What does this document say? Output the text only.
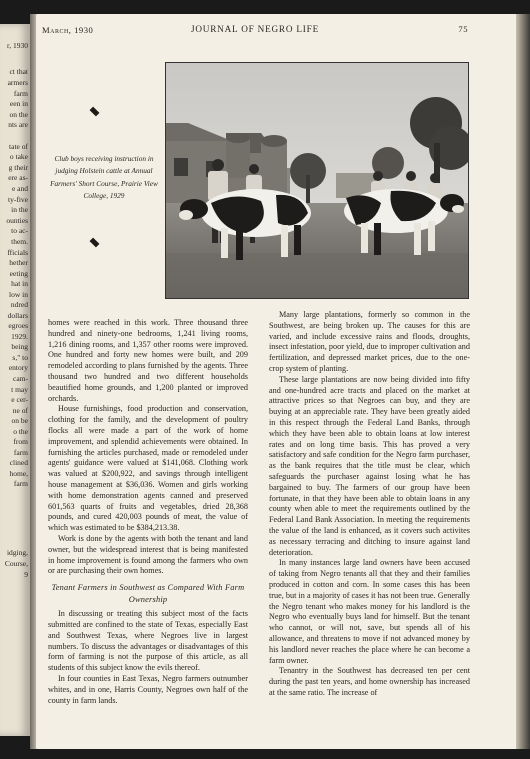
r, 1930
ct that
armers
farm
een in
on the
nts are
tate of
o take
g their
ere as-
e and
ty-five
in the
ounties
to ac-
them.
fficials
hether
eeting
hat in
low in
ndred
dollars
egroes
1929.
being
s," to
entory
cam-
t may
e cer-
ne of
on be
o the
from
farm
clined
home,
farm
idging,
Course,
9
March, 1930	JOURNAL OF NEGRO LIFE	75
Club boys receiving instruction in judging Holstein cattle at Annual Farmers' Short Course, Prairie View College, 1929

homes were reached in this work. Three thousand three hundred and ninety-one bedrooms, 1,241 living rooms, 1,216 dining rooms, and 1,357 other rooms were improved. One hundred and forty new homes were built, and 209 remodeled according to plans furnished by the agents. Three thousand two hundred and two different households beautified home grounds, and 1,200 planted or improved orchards.

House furnishings, food production and conservation, clothing for the family, and the development of poultry flocks all were made a part of the work of home improvement, and splendid achievements were obtained. In furnishing the articles purchased, made or remodeled under agents' guidance were valued at $141,068. Clothing work was valued at $200,922, and savings through intelligent house management at $36,036. Women and girls working with home demonstration agents canned and preserved 601,563 quarts of fruits and vegetables, dried 28,368 pounds, and cured 420,003 pounds of meat, the value of which was estimated to be $384,213.38.

Work is done by the agents with both the tenant and land owner, but the widespread interest that is being manifested in home improvement is found among the farmers who own or are purchasing their own homes.

Tenant Farmers in Southwest as Compared With Farm Ownership

In discussing or treating this subject most of the facts submitted are confined to the state of Texas, especially East and Southwest Texas, where Negroes live in largest numbers. To discuss the advantages or disadvantages of this form of farming is not the purpose of this article, as all students of this subject know the evils thereof.

In four counties in East Texas, Negro farmers outnumber whites, and in one, Harris County, Negroes own half of the county in farm lands.

Many large plantations, formerly so common in the Southwest, are being broken up. The causes for this are varied, and include excessive rains and floods, droughts, insect infestation, poor yield, due to improper cultivation and fertilization, and depressed market prices, due to the one-crop system of planting.

These large plantations are now being divided into fifty and one-hundred acre tracts and placed on the market at attractive prices so that Negroes can buy, and they are buying at an appreciable rate. They have been greatly aided in this respect through the Federal Land Banks, through which they have been able to obtain loans at low interest rates and on long time basis. This has proved a very satisfactory and safe condition for the Negro farm purchaser, as the bank requires that the title must be clear, which safeguards the purchaser against losing what he has bargained to buy. The farmers of our group have been fortunate, in that they have been able to obtain loans in any county when able to meet the requirements outlined by the Federal Land Bank Association. In meeting the requirements the value of the land is enhanced, as it covers such activites as necessary terracing and ditching to insure against land deterioration.

In many instances large land owners have been accused of taking from Negro tenants all that they and their families produced in cotton and corn. In some cases this has been true, but in a majority of cases it has not been true. Generally the Negro tenant who makes money for his landlord is the Negro who eventually buys land for himself. But the tenant who cannot, or will not, save, but spends all of his allowance, and threatens to move if not advanced money by his landlord never reaches the place where he can become a farm owner.

Tenantry in the Southwest has decreased ten per cent during the past ten years, and home ownership has increased at the same ratio. The increase of
